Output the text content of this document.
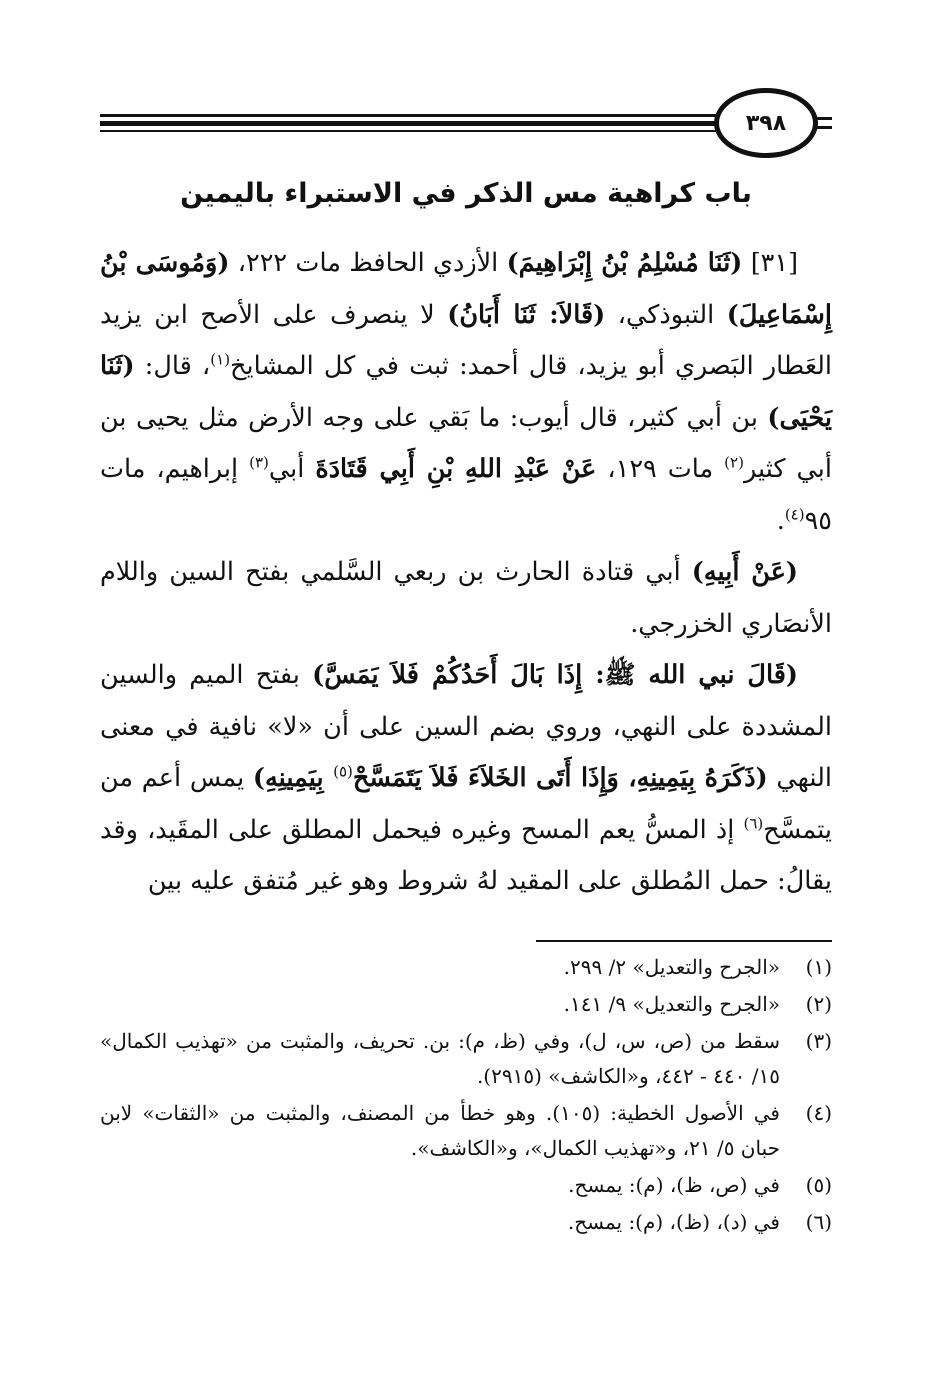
٣٩٨
باب كراهية مس الذكر في الاستبراء باليمين

[٣١] (ثَنَا مُسْلِمُ بْنُ إِبْرَاهِيمَ) الأزدي الحافظ مات ٢٢٢، (وَمُوسَى بْنُ إِسْمَاعِيلَ) التبوذكي، (قَالاَ: ثَنَا أَبَانُ) لا ينصرف على الأصح ابن يزيد العَطار البَصري أبو يزيد، قال أحمد: ثبت في كل المشايخ$^{(١)}$، قال: (ثَنَا يَحْيَى) بن أبي كثير، قال أيوب: ما بَقي على وجه الأرض مثل يحيى بن أبي كثير$^{(٢)}$ مات ١٢٩، عَنْ عَبْدِ اللهِ بْنِ أَبِي قَتَادَةَ أبي$^{(٣)}$ إبراهيم، مات ٩٥$^{(٤)}$.

(عَنْ أَبِيهِ) أبي قتادة الحارث بن ربعي السَّلمي بفتح السين واللام الأنصَاري الخزرجي.

(قَالَ نبي الله ﷺ: إِذَا بَالَ أَحَدُكُمْ فَلاَ يَمَسَّ) بفتح الميم والسين المشددة على النهي، وروي بضم السين على أن «لا» نافية في معنى النهي (ذَكَرَهُ بِيَمِينِهِ، وَإِذَا أَتَى الخَلاَءَ فَلاَ يَتَمَسَّحْ$^{(٥)}$ بِيَمِينِهِ) يمس أعم من يتمسَّح$^{(٦)}$ إذ المسُّ يعم المسح وغيره فيحمل المطلق على المقَيد، وقد يقالُ: حمل المُطلق على المقيد لهُ شروط وهو غير مُتفق عليه بين

(١)
«الجرح والتعديل» ٢/ ٢٩٩.
(٢)
«الجرح والتعديل» ٩/ ١٤١.
(٣)
سقط من (ص، س، ل)، وفي (ظ، م): بن. تحريف، والمثبت من «تهذيب الكمال» ١٥/ ٤٤٠ - ٤٤٢، و«الكاشف» (٢٩١٥).
(٤)
في الأصول الخطية: (١٠٥). وهو خطأ من المصنف، والمثبت من «الثقات» لابن حبان ٥/ ٢١، و«تهذيب الكمال»، و«الكاشف».
(٥)
في (ص، ظ)، (م): يمسح.
(٦)
في (د)، (ظ)، (م): يمسح.
